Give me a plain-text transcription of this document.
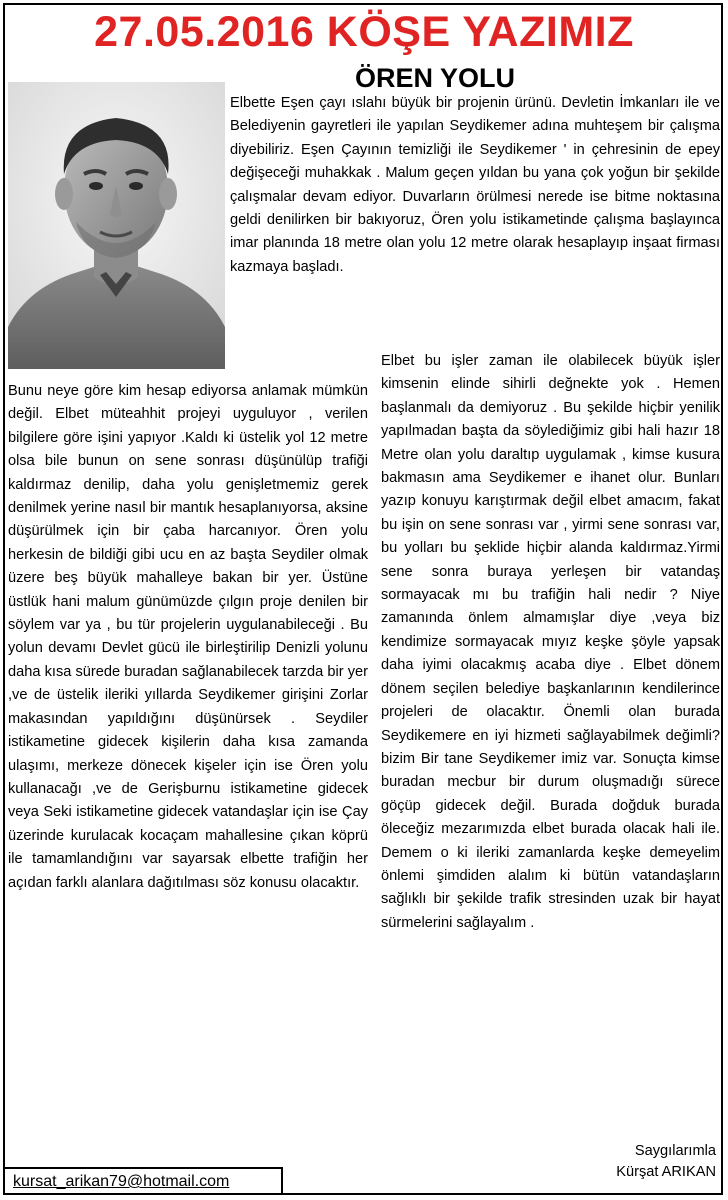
27.05.2016 KÖŞE YAZIMIZ
ÖREN YOLU

Elbette Eşen çayı ıslahı büyük bir projenin ürünü. Devletin İmkanları ile ve Belediyenin gayretleri ile yapılan Seydikemer adına muhteşem bir çalışma diyebiliriz. Eşen Çayının temizliği ile Seydikemer ' in çehresinin de epey değişeceği muhakkak . Malum geçen yıldan bu yana çok yoğun bir şekilde çalışmalar devam ediyor. Duvarların örülmesi nerede ise bitme noktasına geldi denilirken bir bakıyoruz, Ören yolu istikametinde çalışma başlayınca imar planında 18 metre olan yolu 12 metre olarak hesaplayıp inşaat firması kazmaya başladı.

Bunu neye göre kim hesap ediyorsa anlamak mümkün değil. Elbet müteahhit projeyi uyguluyor , verilen bilgilere göre işini yapıyor .Kaldı ki üstelik yol 12 metre olsa bile bunun on sene sonrası düşünülüp trafiği kaldırmaz denilip, daha yolu genişletmemiz gerek denilmek yerine nasıl bir mantık hesaplanıyorsa, aksine düşürülmek için bir çaba harcanıyor. Ören yolu herkesin de bildiği gibi ucu en az başta Seydiler olmak üzere beş büyük mahalleye bakan bir yer. Üstüne üstlük hani malum günümüzde çılgın proje denilen bir söylem var ya , bu tür projelerin uygulanabileceği . Bu yolun devamı Devlet gücü ile birleştirilip Denizli yolunu daha kısa sürede buradan sağlanabilecek tarzda bir yer ,ve de üstelik ileriki yıllarda Seydikemer girişini Zorlar makasından yapıldığını düşünürsek . Seydiler istikametine gidecek kişilerin daha kısa zamanda ulaşımı, merkeze dönecek kişeler için ise Ören yolu kullanacağı ,ve de Gerişburnu istikametine gidecek veya Seki istikametine gidecek vatandaşlar için ise Çay üzerinde kurulacak kocaçam mahallesine çıkan köprü ile tamamlandığını var sayarsak elbette trafiğin her açıdan farklı alanlara dağıtılması söz konusu olacaktır.

Elbet bu işler zaman ile olabilecek büyük işler kimsenin elinde sihirli değnekte yok . Hemen başlanmalı da demiyoruz . Bu şekilde hiçbir yenilik yapılmadan başta da söylediğimiz gibi hali hazır 18 Metre olan yolu daraltıp uygulamak , kimse kusura bakmasın ama Seydikemer e ihanet olur. Bunları yazıp konuyu karıştırmak değil elbet amacım, fakat bu işin on sene sonrası var , yirmi sene sonrası var, bu yolları bu şeklide hiçbir alanda kaldırmaz.Yirmi sene sonra buraya yerleşen bir vatandaş sormayacak mı bu trafiğin hali nedir ? Niye zamanında önlem almamışlar diye ,veya biz kendimize sormayacak mıyız keşke şöyle yapsak daha iyimi olacakmış acaba diye . Elbet dönem dönem seçilen belediye başkanlarının kendilerince projeleri de olacaktır. Önemli olan burada Seydikemere en iyi hizmeti sağlayabilmek değimli? bizim Bir tane Seydikemer imiz var. Sonuçta kimse buradan mecbur bir durum oluşmadığı sürece göçüp gidecek değil. Burada doğduk burada öleceğiz mezarımızda elbet burada olacak hali ile. Demem o ki ileriki zamanlarda keşke demeyelim önlemi şimdiden alalım ki bütün vatandaşların sağlıklı bir şekilde trafik stresinden uzak bir hayat sürmelerini sağlayalım .

Saygılarımla
Kürşat ARIKAN
kursat_arikan79@hotmail.com
